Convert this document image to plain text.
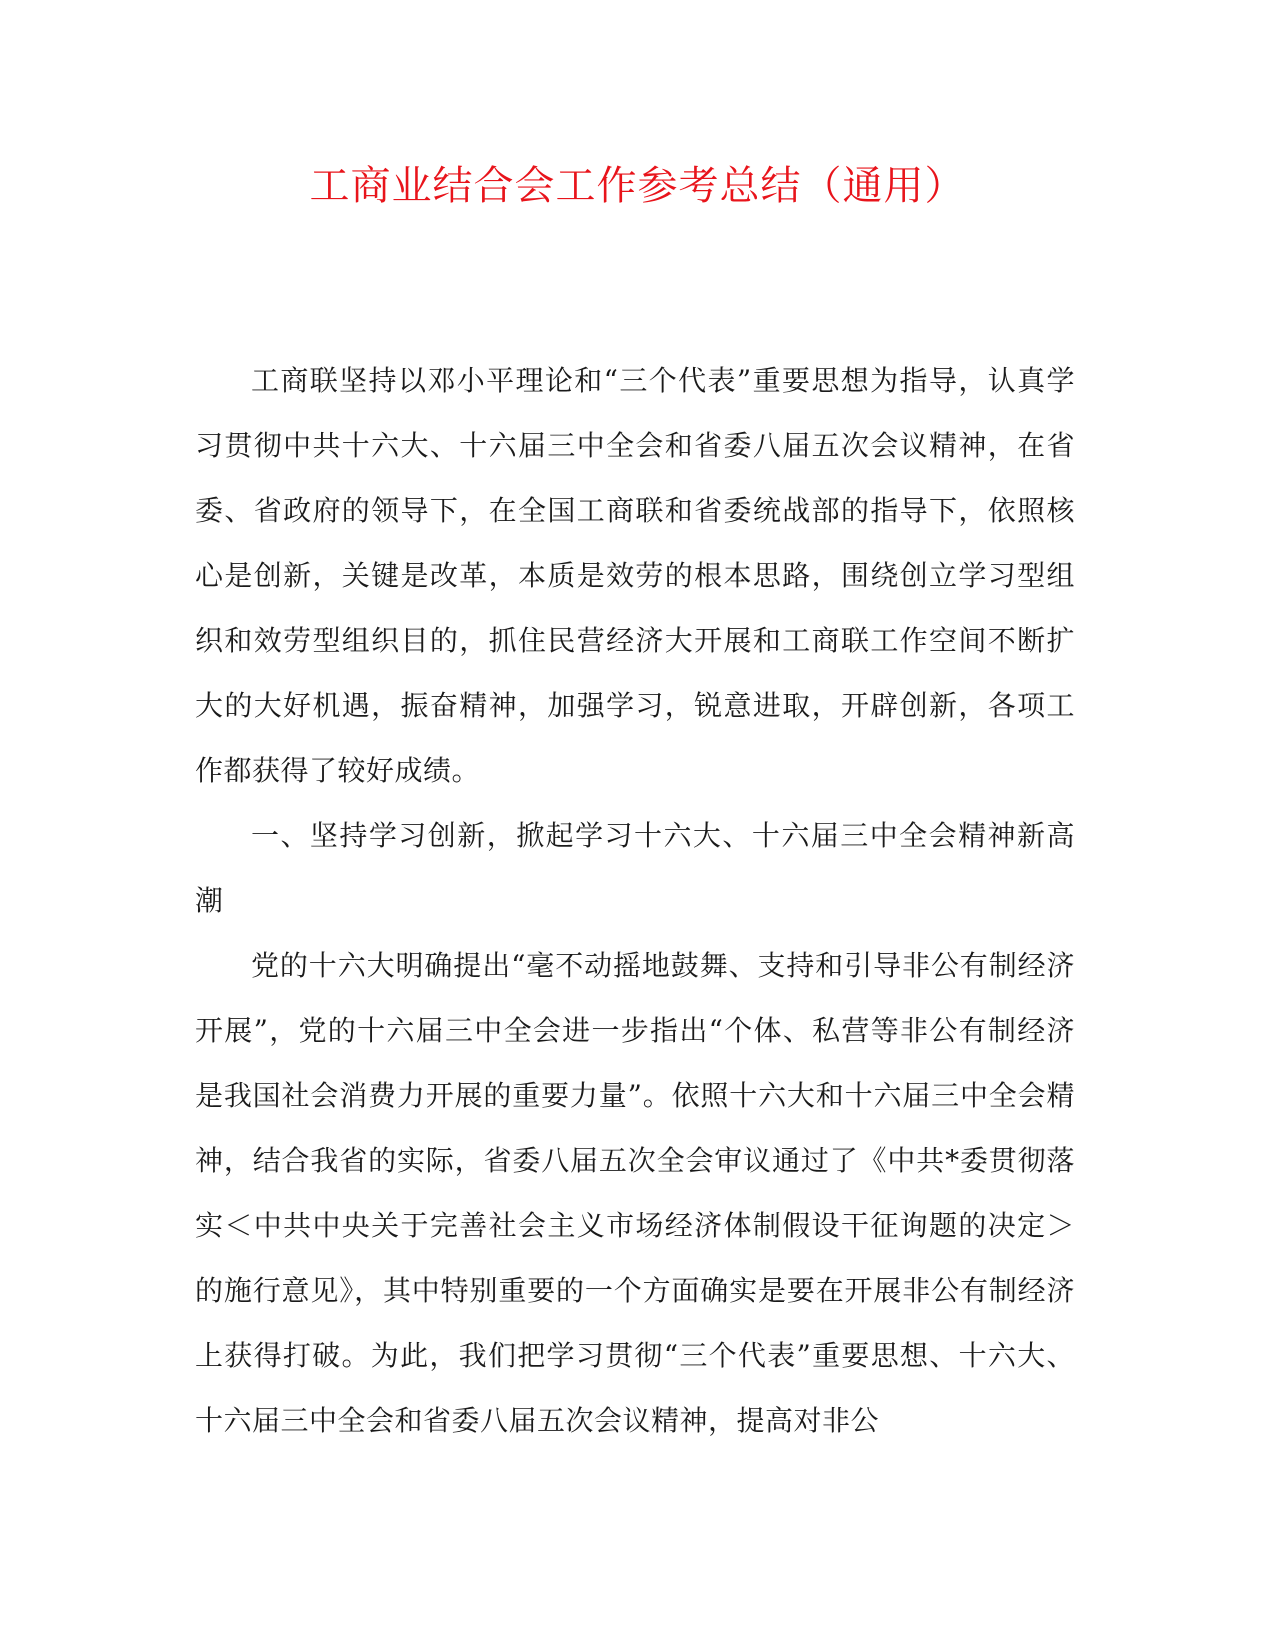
工商业结合会工作参考总结（通用）

工商联坚持以邓小平理论和“三个代表”重要思想为指导，认真学习贯彻中共十六大、十六届三中全会和省委八届五次会议精神，在省委、省政府的领导下，在全国工商联和省委统战部的指导下，依照核心是创新，关键是改革，本质是效劳的根本思路，围绕创立学习型组织和效劳型组织目的，抓住民营经济大开展和工商联工作空间不断扩大的大好机遇，振奋精神，加强学习，锐意进取，开辟创新，各项工作都获得了较好成绩。

一、坚持学习创新，掀起学习十六大、十六届三中全会精神新高潮

党的十六大明确提出“毫不动摇地鼓舞、支持和引导非公有制经济开展”，党的十六届三中全会进一步指出“个体、私营等非公有制经济是我国社会消费力开展的重要力量”。依照十六大和十六届三中全会精神，结合我省的实际，省委八届五次全会审议通过了《中共*委贯彻落实＜中共中央关于完善社会主义市场经济体制假设干征询题的决定＞的施行意见》，其中特别重要的一个方面确实是要在开展非公有制经济上获得打破。为此，我们把学习贯彻“三个代表”重要思想、十六大、十六届三中全会和省委八届五次会议精神，提高对非公
